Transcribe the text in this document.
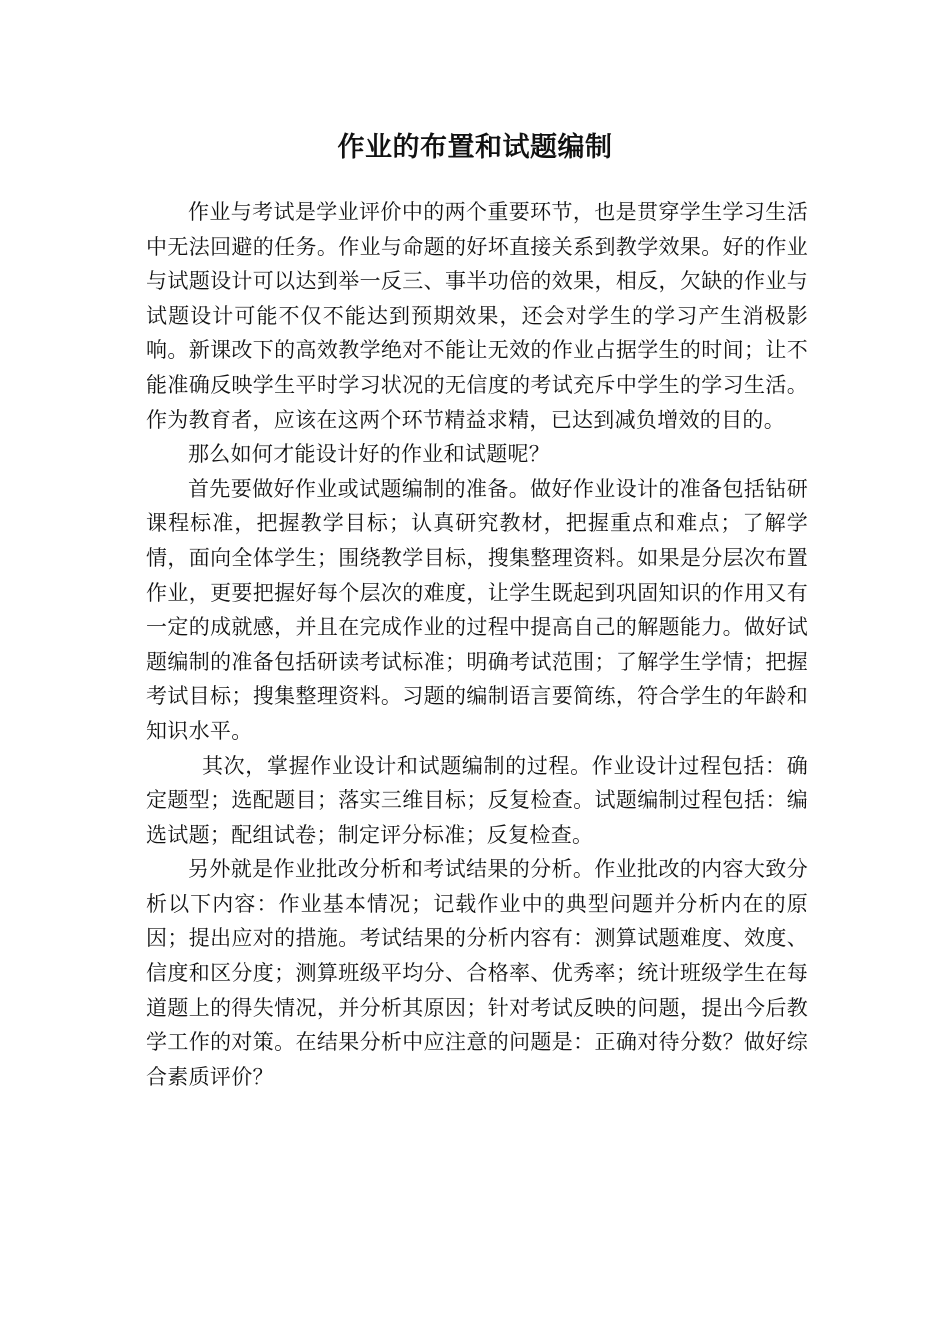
作业的布置和试题编制

作业与考试是学业评价中的两个重要环节，也是贯穿学生学习生活中无法回避的任务。作业与命题的好坏直接关系到教学效果。好的作业与试题设计可以达到举一反三、事半功倍的效果，相反，欠缺的作业与试题设计可能不仅不能达到预期效果，还会对学生的学习产生消极影响。新课改下的高效教学绝对不能让无效的作业占据学生的时间；让不能准确反映学生平时学习状况的无信度的考试充斥中学生的学习生活。作为教育者，应该在这两个环节精益求精，已达到减负增效的目的。

那么如何才能设计好的作业和试题呢？

首先要做好作业或试题编制的准备。做好作业设计的准备包括钻研课程标准，把握教学目标；认真研究教材，把握重点和难点；了解学情，面向全体学生；围绕教学目标，搜集整理资料。如果是分层次布置作业，更要把握好每个层次的难度，让学生既起到巩固知识的作用又有一定的成就感，并且在完成作业的过程中提高自己的解题能力。做好试题编制的准备包括研读考试标准；明确考试范围；了解学生学情；把握考试目标；搜集整理资料。习题的编制语言要简练，符合学生的年龄和知识水平。

其次，掌握作业设计和试题编制的过程。作业设计过程包括：确定题型；选配题目；落实三维目标；反复检查。试题编制过程包括：编选试题；配组试卷；制定评分标准；反复检查。

另外就是作业批改分析和考试结果的分析。作业批改的内容大致分析以下内容：作业基本情况；记载作业中的典型问题并分析内在的原因；提出应对的措施。考试结果的分析内容有：测算试题难度、效度、信度和区分度；测算班级平均分、合格率、优秀率；统计班级学生在每道题上的得失情况，并分析其原因；针对考试反映的问题，提出今后教学工作的对策。在结果分析中应注意的问题是：正确对待分数？做好综合素质评价？
